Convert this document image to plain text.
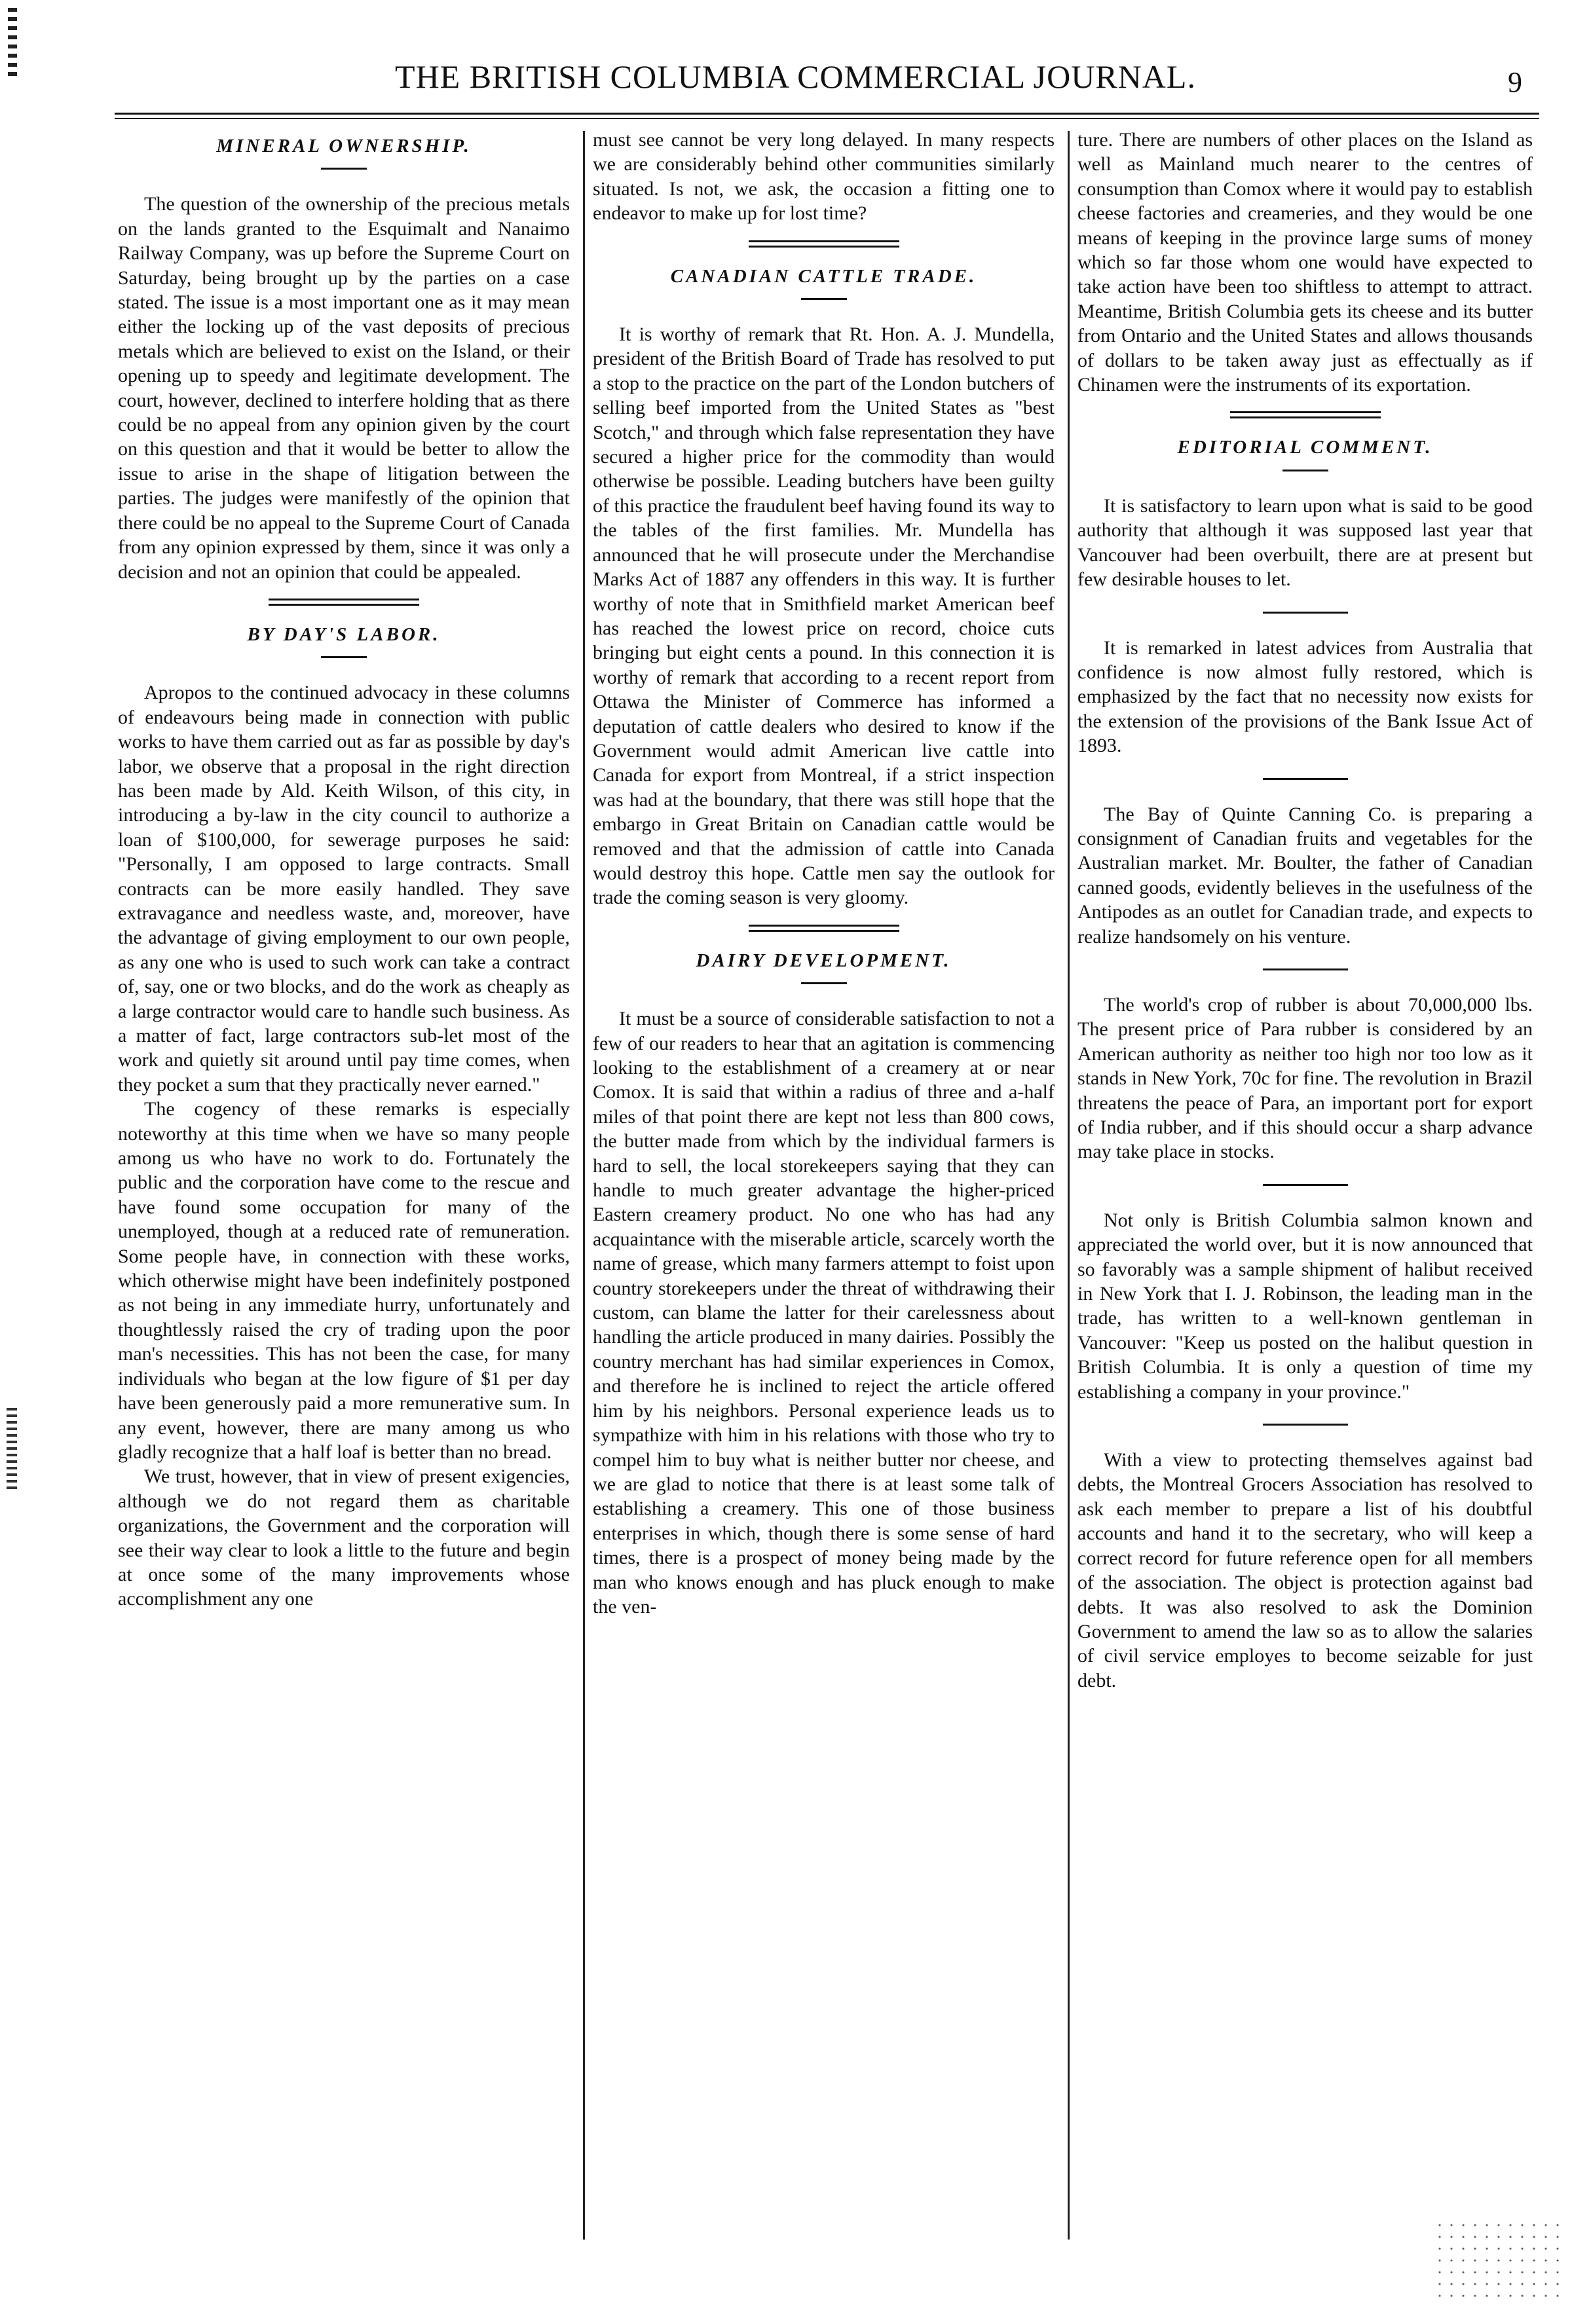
THE BRITISH COLUMBIA COMMERCIAL JOURNAL.	9
MINERAL OWNERSHIP.

The question of the ownership of the precious metals on the lands granted to the Esquimalt and Nanaimo Railway Company, was up before the Supreme Court on Saturday, being brought up by the parties on a case stated. The issue is a most important one as it may mean either the locking up of the vast deposits of precious metals which are believed to exist on the Island, or their opening up to speedy and legitimate development. The court, however, declined to interfere holding that as there could be no appeal from any opinion given by the court on this question and that it would be better to allow the issue to arise in the shape of litigation between the parties. The judges were manifestly of the opinion that there could be no appeal to the Supreme Court of Canada from any opinion expressed by them, since it was only a decision and not an opinion that could be appealed.

BY DAY'S LABOR.

Apropos to the continued advocacy in these columns of endeavours being made in connection with public works to have them carried out as far as possible by day's labor, we observe that a proposal in the right direction has been made by Ald. Keith Wilson, of this city, in introducing a by-law in the city council to authorize a loan of $100,000, for sewerage purposes he said: "Personally, I am opposed to large contracts. Small contracts can be more easily handled. They save extravagance and needless waste, and, moreover, have the advantage of giving employment to our own people, as any one who is used to such work can take a contract of, say, one or two blocks, and do the work as cheaply as a large contractor would care to handle such business. As a matter of fact, large contractors sub-let most of the work and quietly sit around until pay time comes, when they pocket a sum that they practically never earned."

The cogency of these remarks is especially noteworthy at this time when we have so many people among us who have no work to do. Fortunately the public and the corporation have come to the rescue and have found some occupation for many of the unemployed, though at a reduced rate of remuneration. Some people have, in connection with these works, which otherwise might have been indefinitely postponed as not being in any immediate hurry, unfortunately and thoughtlessly raised the cry of trading upon the poor man's necessities. This has not been the case, for many individuals who began at the low figure of $1 per day have been generously paid a more remunerative sum. In any event, however, there are many among us who gladly recognize that a half loaf is better than no bread.

We trust, however, that in view of present exigencies, although we do not regard them as charitable organizations, the Government and the corporation will see their way clear to look a little to the future and begin at once some of the many improvements whose accomplishment any one

must see cannot be very long delayed. In many respects we are considerably behind other communities similarly situated. Is not, we ask, the occasion a fitting one to endeavor to make up for lost time?

CANADIAN CATTLE TRADE.

It is worthy of remark that Rt. Hon. A. J. Mundella, president of the British Board of Trade has resolved to put a stop to the practice on the part of the London butchers of selling beef imported from the United States as "best Scotch," and through which false representation they have secured a higher price for the commodity than would otherwise be possible. Leading butchers have been guilty of this practice the fraudulent beef having found its way to the tables of the first families. Mr. Mundella has announced that he will prosecute under the Merchandise Marks Act of 1887 any offenders in this way. It is further worthy of note that in Smithfield market American beef has reached the lowest price on record, choice cuts bringing but eight cents a pound. In this connection it is worthy of remark that according to a recent report from Ottawa the Minister of Commerce has informed a deputation of cattle dealers who desired to know if the Government would admit American live cattle into Canada for export from Montreal, if a strict inspection was had at the boundary, that there was still hope that the embargo in Great Britain on Canadian cattle would be removed and that the admission of cattle into Canada would destroy this hope. Cattle men say the outlook for trade the coming season is very gloomy.

DAIRY DEVELOPMENT.

It must be a source of considerable satisfaction to not a few of our readers to hear that an agitation is commencing looking to the establishment of a creamery at or near Comox. It is said that within a radius of three and a-half miles of that point there are kept not less than 800 cows, the butter made from which by the individual farmers is hard to sell, the local storekeepers saying that they can handle to much greater advantage the higher-priced Eastern creamery product. No one who has had any acquaintance with the miserable article, scarcely worth the name of grease, which many farmers attempt to foist upon country storekeepers under the threat of withdrawing their custom, can blame the latter for their carelessness about handling the article produced in many dairies. Possibly the country merchant has had similar experiences in Comox, and therefore he is inclined to reject the article offered him by his neighbors. Personal experience leads us to sympathize with him in his relations with those who try to compel him to buy what is neither butter nor cheese, and we are glad to notice that there is at least some talk of establishing a creamery. This one of those business enterprises in which, though there is some sense of hard times, there is a prospect of money being made by the man who knows enough and has pluck enough to make the ven-

ture. There are numbers of other places on the Island as well as Mainland much nearer to the centres of consumption than Comox where it would pay to establish cheese factories and creameries, and they would be one means of keeping in the province large sums of money which so far those whom one would have expected to take action have been too shiftless to attempt to attract. Meantime, British Columbia gets its cheese and its butter from Ontario and the United States and allows thousands of dollars to be taken away just as effectually as if Chinamen were the instruments of its exportation.

EDITORIAL COMMENT.

It is satisfactory to learn upon what is said to be good authority that although it was supposed last year that Vancouver had been overbuilt, there are at present but few desirable houses to let.

It is remarked in latest advices from Australia that confidence is now almost fully restored, which is emphasized by the fact that no necessity now exists for the extension of the provisions of the Bank Issue Act of 1893.

The Bay of Quinte Canning Co. is preparing a consignment of Canadian fruits and vegetables for the Australian market. Mr. Boulter, the father of Canadian canned goods, evidently believes in the usefulness of the Antipodes as an outlet for Canadian trade, and expects to realize handsomely on his venture.

The world's crop of rubber is about 70,000,000 lbs. The present price of Para rubber is considered by an American authority as neither too high nor too low as it stands in New York, 70c for fine. The revolution in Brazil threatens the peace of Para, an important port for export of India rubber, and if this should occur a sharp advance may take place in stocks.

Not only is British Columbia salmon known and appreciated the world over, but it is now announced that so favorably was a sample shipment of halibut received in New York that I. J. Robinson, the leading man in the trade, has written to a well-known gentleman in Vancouver: "Keep us posted on the halibut question in British Columbia. It is only a question of time my establishing a company in your province."

With a view to protecting themselves against bad debts, the Montreal Grocers Association has resolved to ask each member to prepare a list of his doubtful accounts and hand it to the secretary, who will keep a correct record for future reference open for all members of the association. The object is protection against bad debts. It was also resolved to ask the Dominion Government to amend the law so as to allow the salaries of civil service employes to become seizable for just debt.
